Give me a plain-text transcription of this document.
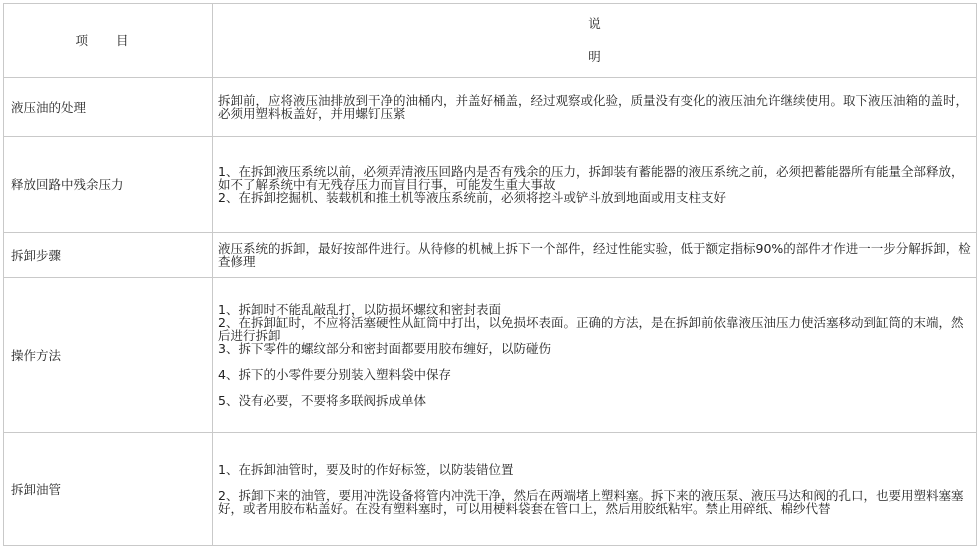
项 目	说
明

液压油的处理	拆卸前，应将液压油排放到干净的油桶内，并盖好桶盖，经过观察或化验，质量没有变化的液压油允许继续使用。取下液压油箱的盖时，必须用塑料板盖好，并用螺钉压紧

释放回路中残余压力	1、在拆卸液压系统以前，必须弄清液压回路内是否有残余的压力，拆卸装有蓄能器的液压系统之前，必须把蓄能器所有能量全部释放，如不了解系统中有无残存压力而盲目行事，可能发生重大事故
2、在拆卸挖掘机、装载机和推土机等液压系统前，必须将挖斗或铲斗放到地面或用支柱支好

拆卸步骤	液压系统的拆卸，最好按部件进行。从待修的机械上拆下一个部件，经过性能实验，低于额定指标90%的部件才作进一一步分解拆卸，检查修理

操作方法	1、拆卸时不能乱敲乱打，以防损坏螺纹和密封表面
2、在拆卸缸时，不应将活塞硬性从缸筒中打出，以免损坏表面。正确的方法，是在拆卸前依靠液压油压力使活塞移动到缸筒的末端，然后进行拆卸
3、拆下零件的螺纹部分和密封面都要用胶布缠好，以防碰伤
4、拆下的小零件要分别装入塑料袋中保存
5、没有必要，不要将多联阀拆成单体

拆卸油管	1、在拆卸油管时，要及时的作好标签，以防装错位置
2、拆卸下来的油管，要用冲洗设备将管内冲洗干净，然后在两端堵上塑料塞。拆下来的液压泵、液压马达和阀的孔口，也要用塑料塞塞好，或者用胶布粘盖好。在没有塑料塞时，可以用梗料袋套在管口上，然后用胶纸粘牢。禁止用碎纸、棉纱代替
